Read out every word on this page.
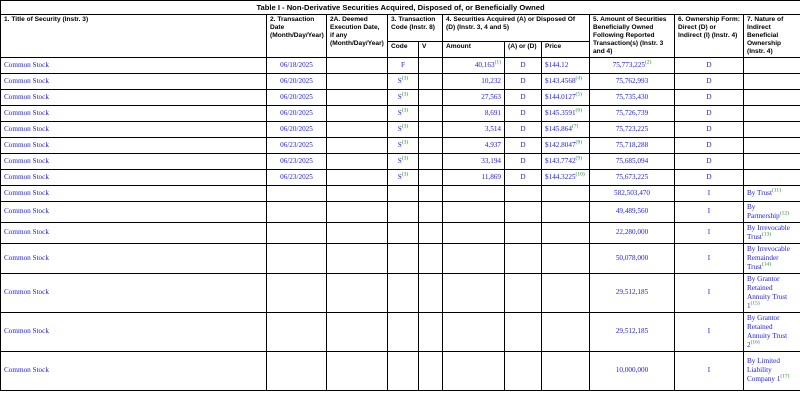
Table I - Non-Derivative Securities Acquired, Disposed of, or Beneficially Owned										
1. Title of Security (Instr. 3)	2. Transaction Date (Month/Day/Year)	2A. Deemed Execution Date, if any (Month/Day/Year)	3. Transaction Code (Instr. 8)		4. Securities Acquired (A) or Disposed Of (D) (Instr. 3, 4 and 5)			5. Amount of Securities Beneficially Owned Following Reported Transaction(s) (Instr. 3 and 4)	6. Ownership Form: Direct (D) or Indirect (I) (Instr. 4)	7. Nature of Indirect Beneficial Ownership (Instr. 4)
			Code	V	Amount	(A) or (D)	Price			
Common Stock	06/18/2025		F		40,163$^{(1)}$	D	$144.12	75,773,225$^{(2)}$	D	
Common Stock	06/20/2025		S$^{(3)}$		10,232	D	$143.4568$^{(4)}$	75,762,993	D	
Common Stock	06/20/2025		S$^{(3)}$		27,563	D	$144.0127$^{(5)}$	75,735,430	D	
Common Stock	06/20/2025		S$^{(3)}$		8,691	D	$145.3591$^{(6)}$	75,726,739	D	
Common Stock	06/20/2025		S$^{(3)}$		3,514	D	$145.864$^{(7)}$	75,723,225	D	
Common Stock	06/23/2025		S$^{(3)}$		4,937	D	$142.8047$^{(8)}$	75,718,288	D	
Common Stock	06/23/2025		S$^{(3)}$		33,194	D	$143.7742$^{(9)}$	75,685,094	D	
Common Stock	06/23/2025		S$^{(3)}$		11,869	D	$144.3225$^{(10)}$	75,673,225	D	
Common Stock								582,503,470	I	By Trust$^{(11)}$
Common Stock								49,489,560	I	By Partnership$^{(12)}$
Common Stock								22,280,000	I	By Irrevocable Trust$^{(13)}$
Common Stock								50,078,000	I	By Irrevocable Remainder Trust$^{(14)}$
Common Stock								29,512,185	I	By Grantor Retained Annuity Trust 1$^{(15)}$
Common Stock								29,512,185	I	By Grantor Retained Annuity Trust 2$^{(16)}$
Common Stock								10,000,000	I	By Limited Liability Company 1$^{(17)}$
